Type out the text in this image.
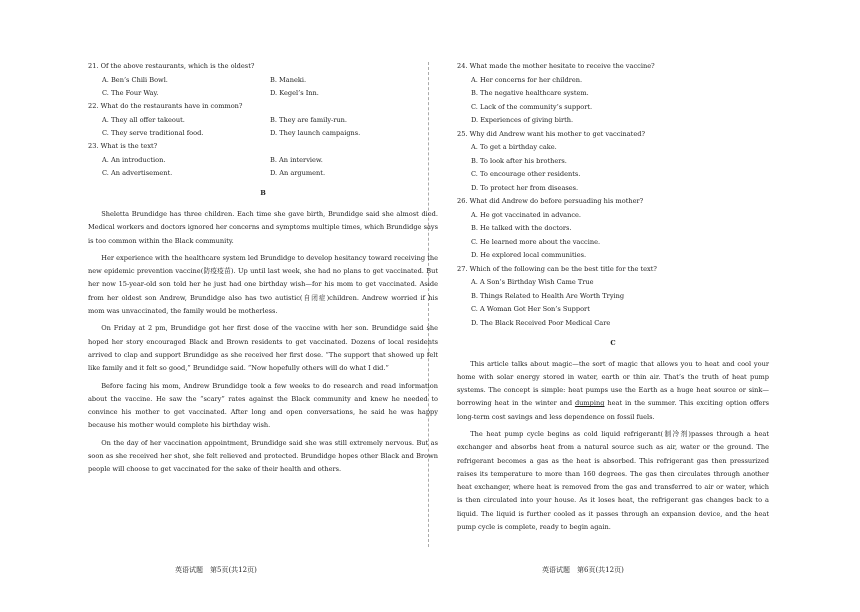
21. Of the above restaurants, which is the oldest?
A. Ben’s Chili Bowl.	B. Maneki.
C. The Four Way.	D. Kegel’s Inn.
22. What do the restaurants have in common?
A. They all offer takeout.	B. They are family-run.
C. They serve traditional food.	D. They launch campaigns.
23. What is the text?
A. An introduction.	B. An interview.
C. An advertisement.	D. An argument.
B

Sheletta Brundidge has three children. Each time she gave birth, Brundidge said she almost died. Medical workers and doctors ignored her concerns and symptoms multiple times, which Brundidge says is too common within the Black community.

Her experience with the healthcare system led Brundidge to develop hesitancy toward receiving the new epidemic prevention vaccine(防疫疫苗). Up until last week, she had no plans to get vaccinated. But her now 15-year-old son told her he just had one birthday wish—for his mom to get vaccinated. Aside from her oldest son Andrew, Brundidge also has two autistic(自闭症)children. Andrew worried if his mom was unvaccinated, the family would be motherless.

On Friday at 2 pm, Brundidge got her first dose of the vaccine with her son. Brundidge said she hoped her story encouraged Black and Brown residents to get vaccinated. Dozens of local residents arrived to clap and support Brundidge as she received her first dose. “The support that showed up felt like family and it felt so good,” Brundidge said. “Now hopefully others will do what I did.”

Before facing his mom, Andrew Brundidge took a few weeks to do research and read information about the vaccine. He saw the “scary” rates against the Black community and knew he needed to convince his mother to get vaccinated. After long and open conversations, he said he was happy because his mother would complete his birthday wish.

On the day of her vaccination appointment, Brundidge said she was still extremely nervous. But as soon as she received her shot, she felt relieved and protected. Brundidge hopes other Black and Brown people will choose to get vaccinated for the sake of their health and others.

24. What made the mother hesitate to receive the vaccine?
A. Her concerns for her children.
B. The negative healthcare system.
C. Lack of the community’s support.
D. Experiences of giving birth.
25. Why did Andrew want his mother to get vaccinated?
A. To get a birthday cake.
B. To look after his brothers.
C. To encourage other residents.
D. To protect her from diseases.
26. What did Andrew do before persuading his mother?
A. He got vaccinated in advance.
B. He talked with the doctors.
C. He learned more about the vaccine.
D. He explored local communities.
27. Which of the following can be the best title for the text?
A. A Son’s Birthday Wish Came True
B. Things Related to Health Are Worth Trying
C. A Woman Got Her Son’s Support
D. The Black Received Poor Medical Care
C

This article talks about magic—the sort of magic that allows you to heat and cool your home with solar energy stored in water, earth or thin air. That’s the truth of heat pump systems. The concept is simple: heat pumps use the Earth as a huge heat source or sink—borrowing heat in the winter and dumping heat in the summer. This exciting option offers long-term cost savings and less dependence on fossil fuels.

The heat pump cycle begins as cold liquid refrigerant(制冷剂)passes through a heat exchanger and absorbs heat from a natural source such as air, water or the ground. The refrigerant becomes a gas as the heat is absorbed. This refrigerant gas then pressurized raises its temperature to more than 160 degrees. The gas then circulates through another heat exchanger, where heat is removed from the gas and transferred to air or water, which is then circulated into your house. As it loses heat, the refrigerant gas changes back to a liquid. The liquid is further cooled as it passes through an expansion device, and the heat pump cycle is complete, ready to begin again.

英语试题　第5页(共12页)	英语试题　第6页(共12页)
